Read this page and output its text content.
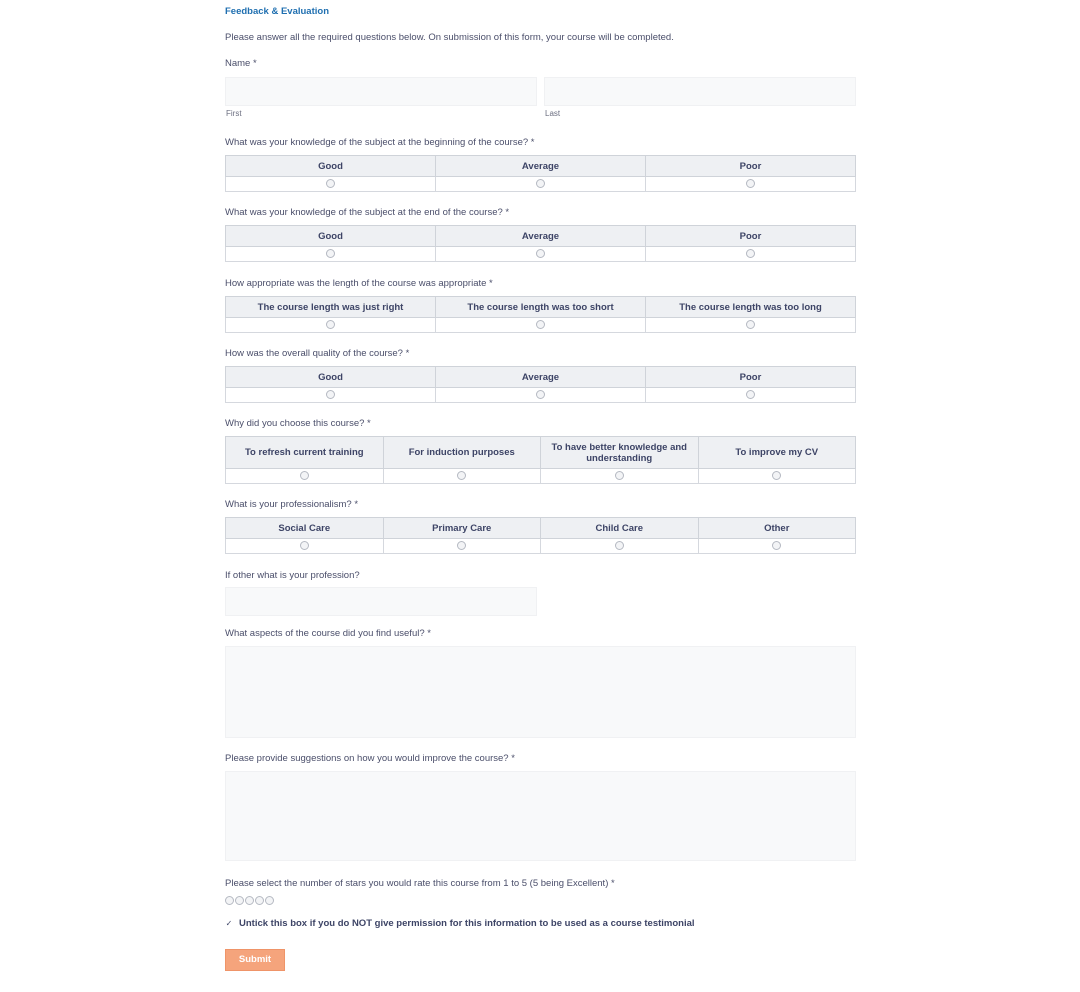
Feedback & Evaluation
Please answer all the required questions below. On submission of this form, your course will be completed.
Name *
First	Last
What was your knowledge of the subject at the beginning of the course? *
Good	Average	Poor

What was your knowledge of the subject at the end of the course? *
Good	Average	Poor

How appropriate was the length of the course was appropriate *
The course length was just right	The course length was too short	The course length was too long

How was the overall quality of the course? *
Good	Average	Poor

Why did you choose this course? *
To refresh current training	For induction purposes	To have better knowledge and understanding	To improve my CV

What is your professionalism? *
Social Care	Primary Care	Child Care	Other

If other what is your profession?
What aspects of the course did you find useful? *
Please provide suggestions on how you would improve the course? *
Please select the number of stars you would rate this course from 1 to 5 (5 being Excellent) *
✓ Untick this box if you do NOT give permission for this information to be used as a course testimonial
Submit
